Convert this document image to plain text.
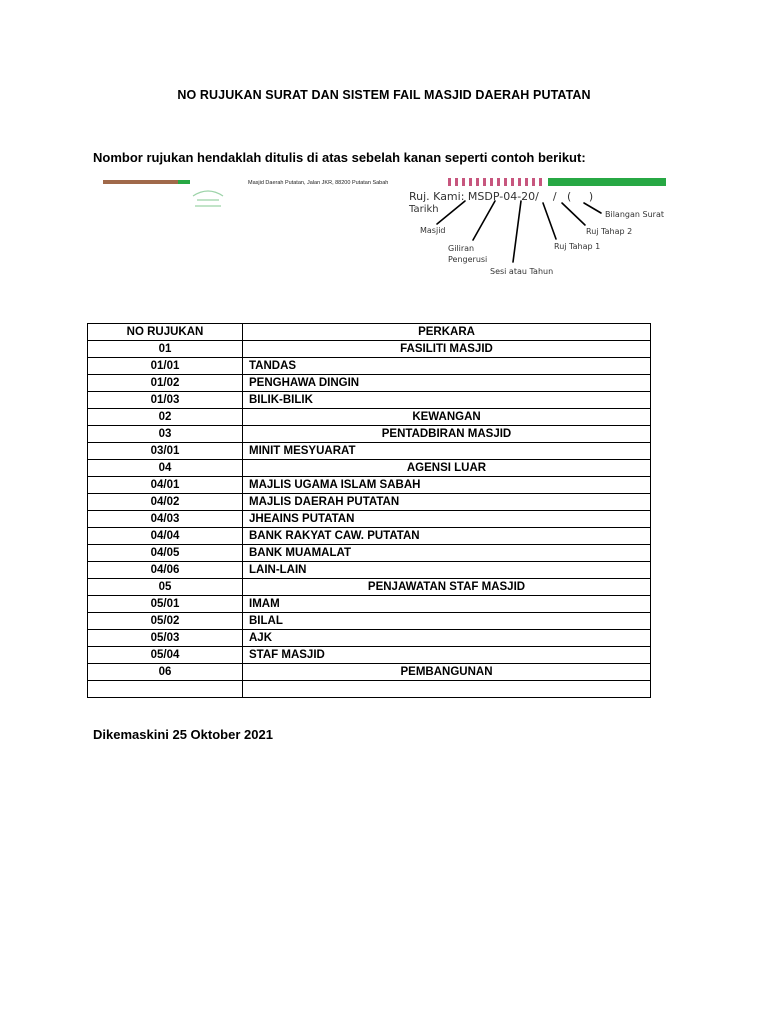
NO RUJUKAN SURAT DAN SISTEM FAIL MASJID DAERAH PUTATAN
Nombor rujukan hendaklah ditulis di atas sebelah kanan seperti contoh berikut:
Masjid Daerah Putatan, Jalan JKR, 88200 Putatan Sabah
Ruj. Kami: MSDP-04-20/    /   (     )
Tarikh
Masjid
Giliran
Pengerusi
Sesi atau Tahun
Ruj Tahap 1
Ruj Tahap 2
Bilangan Surat
NO RUJUKAN	PERKARA
01	FASILITI MASJID
01/01	TANDAS
01/02	PENGHAWA DINGIN
01/03	BILIK-BILIK
02	KEWANGAN
03	PENTADBIRAN MASJID
03/01	MINIT MESYUARAT
04	AGENSI LUAR
04/01	MAJLIS UGAMA ISLAM SABAH
04/02	MAJLIS DAERAH PUTATAN
04/03	JHEAINS PUTATAN
04/04	BANK RAKYAT CAW. PUTATAN
04/05	BANK MUAMALAT
04/06	LAIN-LAIN
05	PENJAWATAN STAF MASJID
05/01	IMAM
05/02	BILAL
05/03	AJK
05/04	STAF MASJID
06	PEMBANGUNAN

Dikemaskini 25 Oktober 2021
